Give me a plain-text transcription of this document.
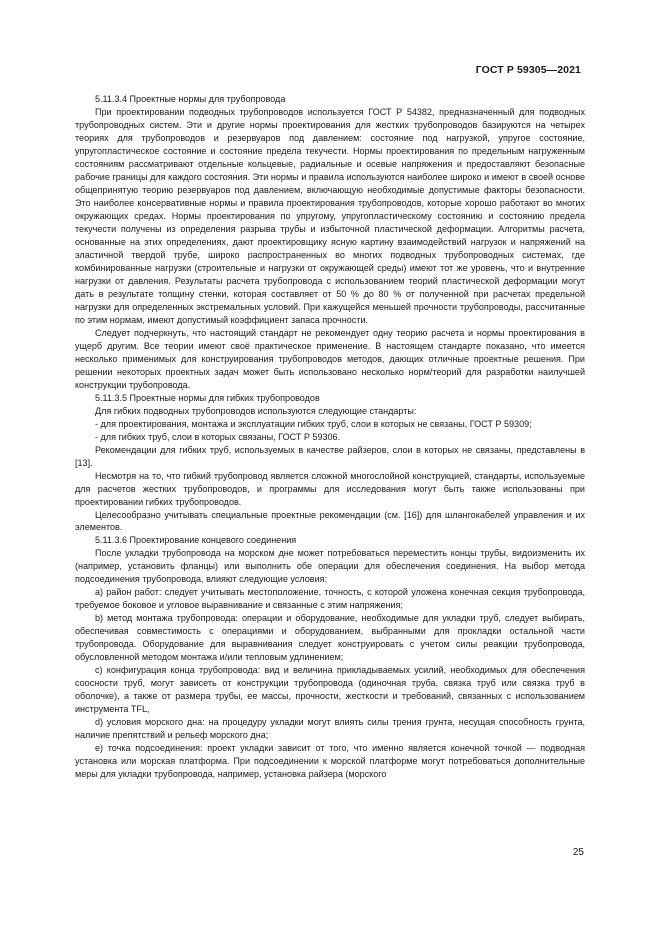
ГОСТ Р 59305—2021

5.11.3.4 Проектные нормы для трубопровода

При проектировании подводных трубопроводов используется ГОСТ Р 54382, предназначенный для подводных трубопроводных систем. Эти и другие нормы проектирования для жестких трубопроводов базируются на четырех теориях для трубопроводов и резервуаров под давлением: состояние под нагрузкой, упругое состояние, упругопластическое состояние и состояние предела текучести. Нормы проектирования по предельным нагруженным состояниям рассматривают отдельные кольцевые, радиальные и осевые напряжения и предоставляют безопасные рабочие границы для каждого состояния. Эти нормы и правила используются наиболее широко и имеют в своей основе общепринятую теорию резервуаров под давлением, включающую необходимые допустимые факторы безопасности. Это наиболее консервативные нормы и правила проектирования трубопроводов, которые хорошо работают во многих окружающих средах. Нормы проектирования по упругому, упругопластическому состоянию и состоянию предела текучести получены из определения разрыва трубы и избыточной пластической деформации. Алгоритмы расчета, основанные на этих определениях, дают проектировщику ясную картину взаимодействий нагрузок и напряжений на эластичной твердой трубе, широко распространенных во многих подводных трубопроводных системах, где комбинированные нагрузки (строительные и нагрузки от окружающей среды) имеют тот же уровень, что и внутренние нагрузки от давления. Результаты расчета трубопровода с использованием теорий пластической деформации могут дать в результате толщину стенки, которая составляет от 50 % до 80 % от полученной при расчетах предельной нагрузки для определенных экстремальных условий. При кажущейся меньшей прочности трубопроводы, рассчитанные по этим нормам, имеют допустимый коэффициент запаса прочности.

Следует подчеркнуть, что настоящий стандарт не рекомендует одну теорию расчета и нормы проектирования в ущерб другим. Все теории имеют своё практическое применение. В настоящем стандарте показано, что имеется несколько применимых для конструирования трубопроводов методов, дающих отличные проектные решения. При решении некоторых проектных задач может быть использовано несколько норм/теорий для разработки наилучшей конструкции трубопровода.

5.11.3.5 Проектные нормы для гибких трубопроводов

Для гибких подводных трубопроводов используются следующие стандарты:

- для проектирования, монтажа и эксплуатации гибких труб, слои в которых не связаны, ГОСТ Р 59309;

- для гибких труб, слои в которых связаны, ГОСТ Р 59306.

Рекомендации для гибких труб, используемых в качестве райзеров, слои в которых не связаны, представлены в [13].

Несмотря на то, что гибкий трубопровод является сложной многослойной конструкцией, стандарты, используемые для расчетов жестких трубопроводов, и программы для исследования могут быть также использованы при проектировании гибких трубопроводов.

Целесообразно учитывать специальные проектные рекомендации (см. [16]) для шлангокабелей управления и их элементов.

5.11.3.6 Проектирование концевого соединения

После укладки трубопровода на морском дне может потребоваться переместить концы трубы, видоизменить их (например, установить фланцы) или выполнить обе операции для обеспечения соединения. На выбор метода подсоединения трубопровода, влияют следующие условия:

а) район работ: следует учитывать местоположение, точность, с которой уложена конечная секция трубопровода, требуемое боковое и угловое выравнивание и связанные с этим напряжения;

b) метод монтажа трубопровода: операции и оборудование, необходимые для укладки труб, следует выбирать, обеспечивая совместимость с операциями и оборудованием, выбранными для прокладки остальной части трубопровода. Оборудование для выравнивания следует конструировать с учетом силы реакции трубопровода, обусловленной методом монтажа и/или тепловым удлинением;

c) конфигурация конца трубопровода: вид и величина прикладываемых усилий, необходимых для обеспечения соосности труб, могут зависеть от конструкции трубопровода (одиночная труба, связка труб или связка труб в оболочке), а также от размера трубы, ее массы, прочности, жесткости и требований, связанных с использованием инструмента TFL,

d) условия морского дна: на процедуру укладки могут влиять силы трения грунта, несущая способность грунта, наличие препятствий и рельеф морского дна;

e) точка подсоединения: проект укладки зависит от того, что именно является конечной точкой — подводная установка или морская платформа. При подсоединении к морской платформе могут потребоваться дополнительные меры для укладки трубопровода, например, установка райзера (морского

25
